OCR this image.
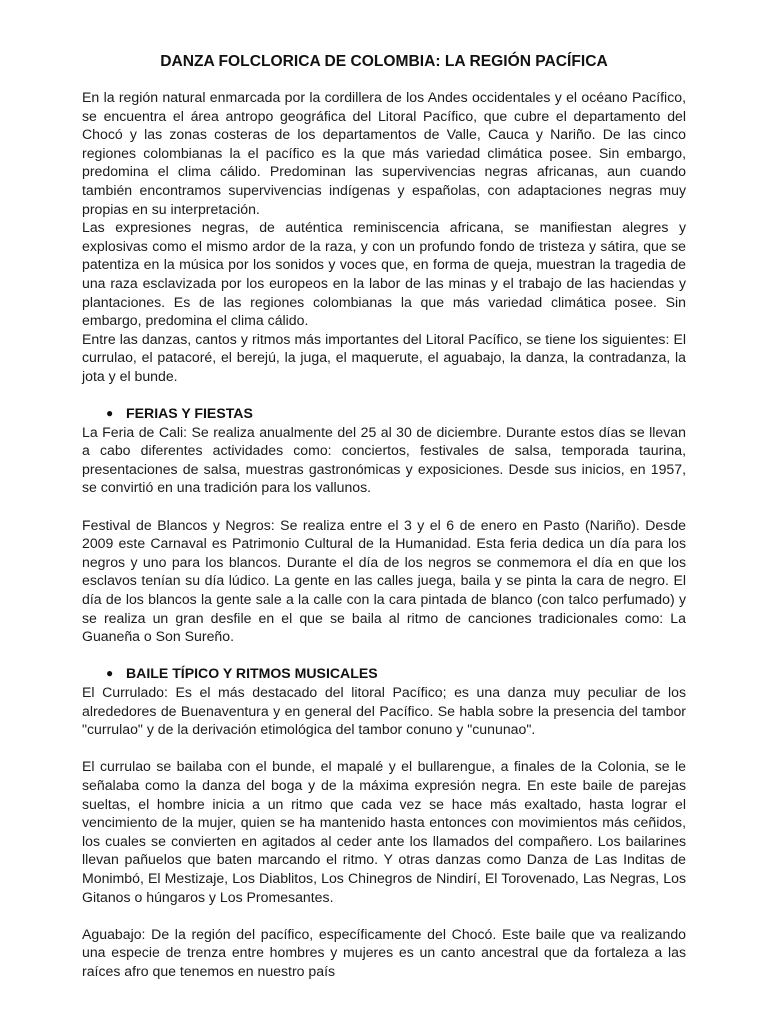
DANZA FOLCLORICA DE COLOMBIA: LA REGIÓN PACÍFICA

En la región natural enmarcada por la cordillera de los Andes occidentales y el océano Pacífico, se encuentra el área antropo geográfica del Litoral Pacífico, que cubre el departamento del Chocó y las zonas costeras de los departamentos de Valle, Cauca y Nariño. De las cinco regiones colombianas la el pacífico es la que más variedad climática posee. Sin embargo, predomina el clima cálido. Predominan las supervivencias negras africanas, aun cuando también encontramos supervivencias indígenas y españolas, con adaptaciones negras muy propias en su interpretación.

Las expresiones negras, de auténtica reminiscencia africana, se manifiestan alegres y explosivas como el mismo ardor de la raza, y con un profundo fondo de tristeza y sátira, que se patentiza en la música por los sonidos y voces que, en forma de queja, muestran la tragedia de una raza esclavizada por los europeos en la labor de las minas y el trabajo de las haciendas y plantaciones. Es de las regiones colombianas la que más variedad climática posee. Sin embargo, predomina el clima cálido.

Entre las danzas, cantos y ritmos más importantes del Litoral Pacífico, se tiene los siguientes: El currulao, el patacoré, el berejú, la juga, el maquerute, el aguabajo, la danza, la contradanza, la jota y el bunde.

● FERIAS Y FIESTAS

La Feria de Cali: Se realiza anualmente del 25 al 30 de diciembre. Durante estos días se llevan a cabo diferentes actividades como: conciertos, festivales de salsa, temporada taurina, presentaciones de salsa, muestras gastronómicas y exposiciones. Desde sus inicios, en 1957, se convirtió en una tradición para los vallunos.

Festival de Blancos y Negros: Se realiza entre el 3 y el 6 de enero en Pasto (Nariño). Desde 2009 este Carnaval es Patrimonio Cultural de la Humanidad. Esta feria dedica un día para los negros y uno para los blancos. Durante el día de los negros se conmemora el día en que los esclavos tenían su día lúdico. La gente en las calles juega, baila y se pinta la cara de negro. El día de los blancos la gente sale a la calle con la cara pintada de blanco (con talco perfumado) y se realiza un gran desfile en el que se baila al ritmo de canciones tradicionales como: La Guaneña o Son Sureño.

● BAILE TÍPICO Y RITMOS MUSICALES

El Currulado: Es el más destacado del litoral Pacífico; es una danza muy peculiar de los alrededores de Buenaventura y en general del Pacífico. Se habla sobre la presencia del tambor "currulao" y de la derivación etimológica del tambor conuno y "cununao".

El currulao se bailaba con el bunde, el mapalé y el bullarengue, a finales de la Colonia, se le señalaba como la danza del boga y de la máxima expresión negra. En este baile de parejas sueltas, el hombre inicia a un ritmo que cada vez se hace más exaltado, hasta lograr el vencimiento de la mujer, quien se ha mantenido hasta entonces con movimientos más ceñidos, los cuales se convierten en agitados al ceder ante los llamados del compañero. Los bailarines llevan pañuelos que baten marcando el ritmo. Y otras danzas como Danza de Las Inditas de Monimbó, El Mestizaje, Los Diablitos, Los Chinegros de Nindirí, El Torovenado, Las Negras, Los Gitanos o húngaros y Los Promesantes.

Aguabajo: De la región del pacífico, específicamente del Chocó. Este baile que va realizando una especie de trenza entre hombres y mujeres es un canto ancestral que da fortaleza a las raíces afro que tenemos en nuestro país
